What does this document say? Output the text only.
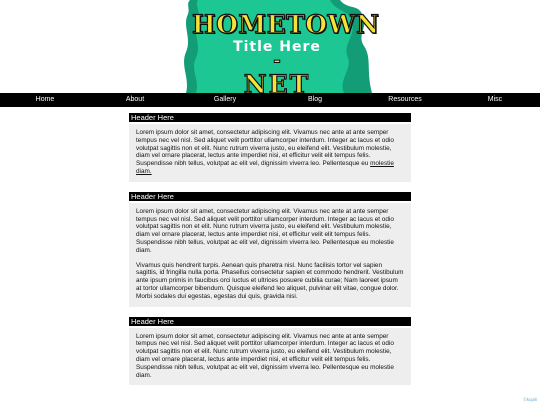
HOMETOWN
Title Here
-
NET
Home	About	Gallery	Blog	Resources	Misc
Header Here

Lorem ipsum dolor sit amet, consectetur adipiscing elit. Vivamus nec ante at ante semper tempus nec vel nisl. Sed aliquet velit porttitor ullamcorper interdum. Integer ac lacus et odio volutpat sagittis non et elit. Nunc rutrum viverra justo, eu eleifend elit. Vestibulum molestie, diam vel ornare placerat, lectus ante imperdiet nisi, et efficitur velit elit tempus felis. Suspendisse nibh tellus, volutpat ac elit vel, dignissim viverra leo. Pellentesque eu molestie diam.

Header Here

Lorem ipsum dolor sit amet, consectetur adipiscing elit. Vivamus nec ante at ante semper tempus nec vel nisl. Sed aliquet velit porttitor ullamcorper interdum. Integer ac lacus et odio volutpat sagittis non et elit. Nunc rutrum viverra justo, eu eleifend elit. Vestibulum molestie, diam vel ornare placerat, lectus ante imperdiet nisi, et efficitur velit elit tempus felis. Suspendisse nibh tellus, volutpat ac elit vel, dignissim viverra leo. Pellentesque eu molestie diam.

Vivamus quis hendrerit turpis. Aenean quis pharetra nisl. Nunc facilisis tortor vel sapien sagittis, id fringilla nulla porta. Phasellus consectetur sapien et commodo hendrerit. Vestibulum ante ipsum primis in faucibus orci luctus et ultrices posuere cubilia curae; Nam laoreet ipsum at tortor ullamcorper bibendum. Quisque eleifend leo aliquet, pulvinar elit vitae, congue dolor. Morbi sodales dui egestas, egestas dui quis, gravida nisi.

Header Here

Lorem ipsum dolor sit amet, consectetur adipiscing elit. Vivamus nec ante at ante semper tempus nec vel nisl. Sed aliquet velit porttitor ullamcorper interdum. Integer ac lacus et odio volutpat sagittis non et elit. Nunc rutrum viverra justo, eu eleifend elit. Vestibulum molestie, diam vel ornare placerat, lectus ante imperdiet nisi, et efficitur velit elit tempus felis. Suspendisse nibh tellus, volutpat ac elit vel, dignissim viverra leo. Pellentesque eu molestie diam.

©kujali
